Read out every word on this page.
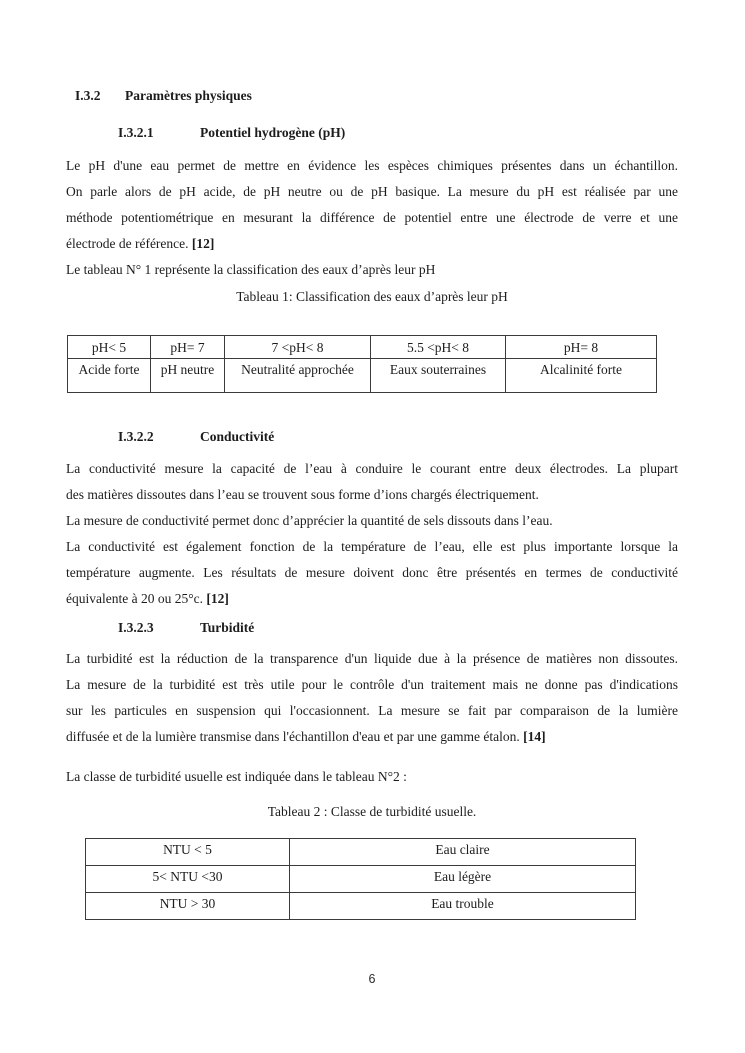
I.3.2 Paramètres physiques
I.3.2.1	Potentiel hydrogène (pH)
Le pH d'une eau permet de mettre en évidence les espèces chimiques présentes dans un échantillon.
On parle alors de pH acide, de pH neutre ou de pH basique. La mesure du pH est réalisée par une
méthode potentiométrique en mesurant la différence de potentiel entre une électrode de verre et une
électrode de référence. [12]
Le tableau N° 1 représente la classification des eaux d’après leur pH
Tableau 1: Classification des eaux d’après leur pH
pH< 5	pH= 7	7 <pH< 8	5.5 <pH< 8	pH= 8
Acide forte	pH neutre	Neutralité approchée	Eaux souterraines	Alcalinité forte
I.3.2.2	Conductivité
La conductivité mesure la capacité de l’eau à conduire le courant entre deux électrodes. La plupart
des matières dissoutes dans l’eau se trouvent sous forme d’ions chargés électriquement.
La mesure de conductivité permet donc d’apprécier la quantité de sels dissouts dans l’eau.
La conductivité est également fonction de la température de l’eau, elle est plus importante lorsque la
température augmente. Les résultats de mesure doivent donc être présentés en termes de conductivité
équivalente à 20 ou 25°c. [12]
I.3.2.3	Turbidité
La turbidité est la réduction de la transparence d'un liquide due à la présence de matières non dissoutes.
La mesure de la turbidité est très utile pour le contrôle d'un traitement mais ne donne pas d'indications
sur les particules en suspension qui l'occasionnent. La mesure se fait par comparaison de la lumière
diffusée et de la lumière transmise dans l'échantillon d'eau et par une gamme étalon. [14]
La classe de turbidité usuelle est indiquée dans le tableau N°2 :
Tableau 2 : Classe de turbidité usuelle.
NTU < 5	Eau claire
5< NTU <30	Eau légère
NTU > 30	Eau trouble
6
